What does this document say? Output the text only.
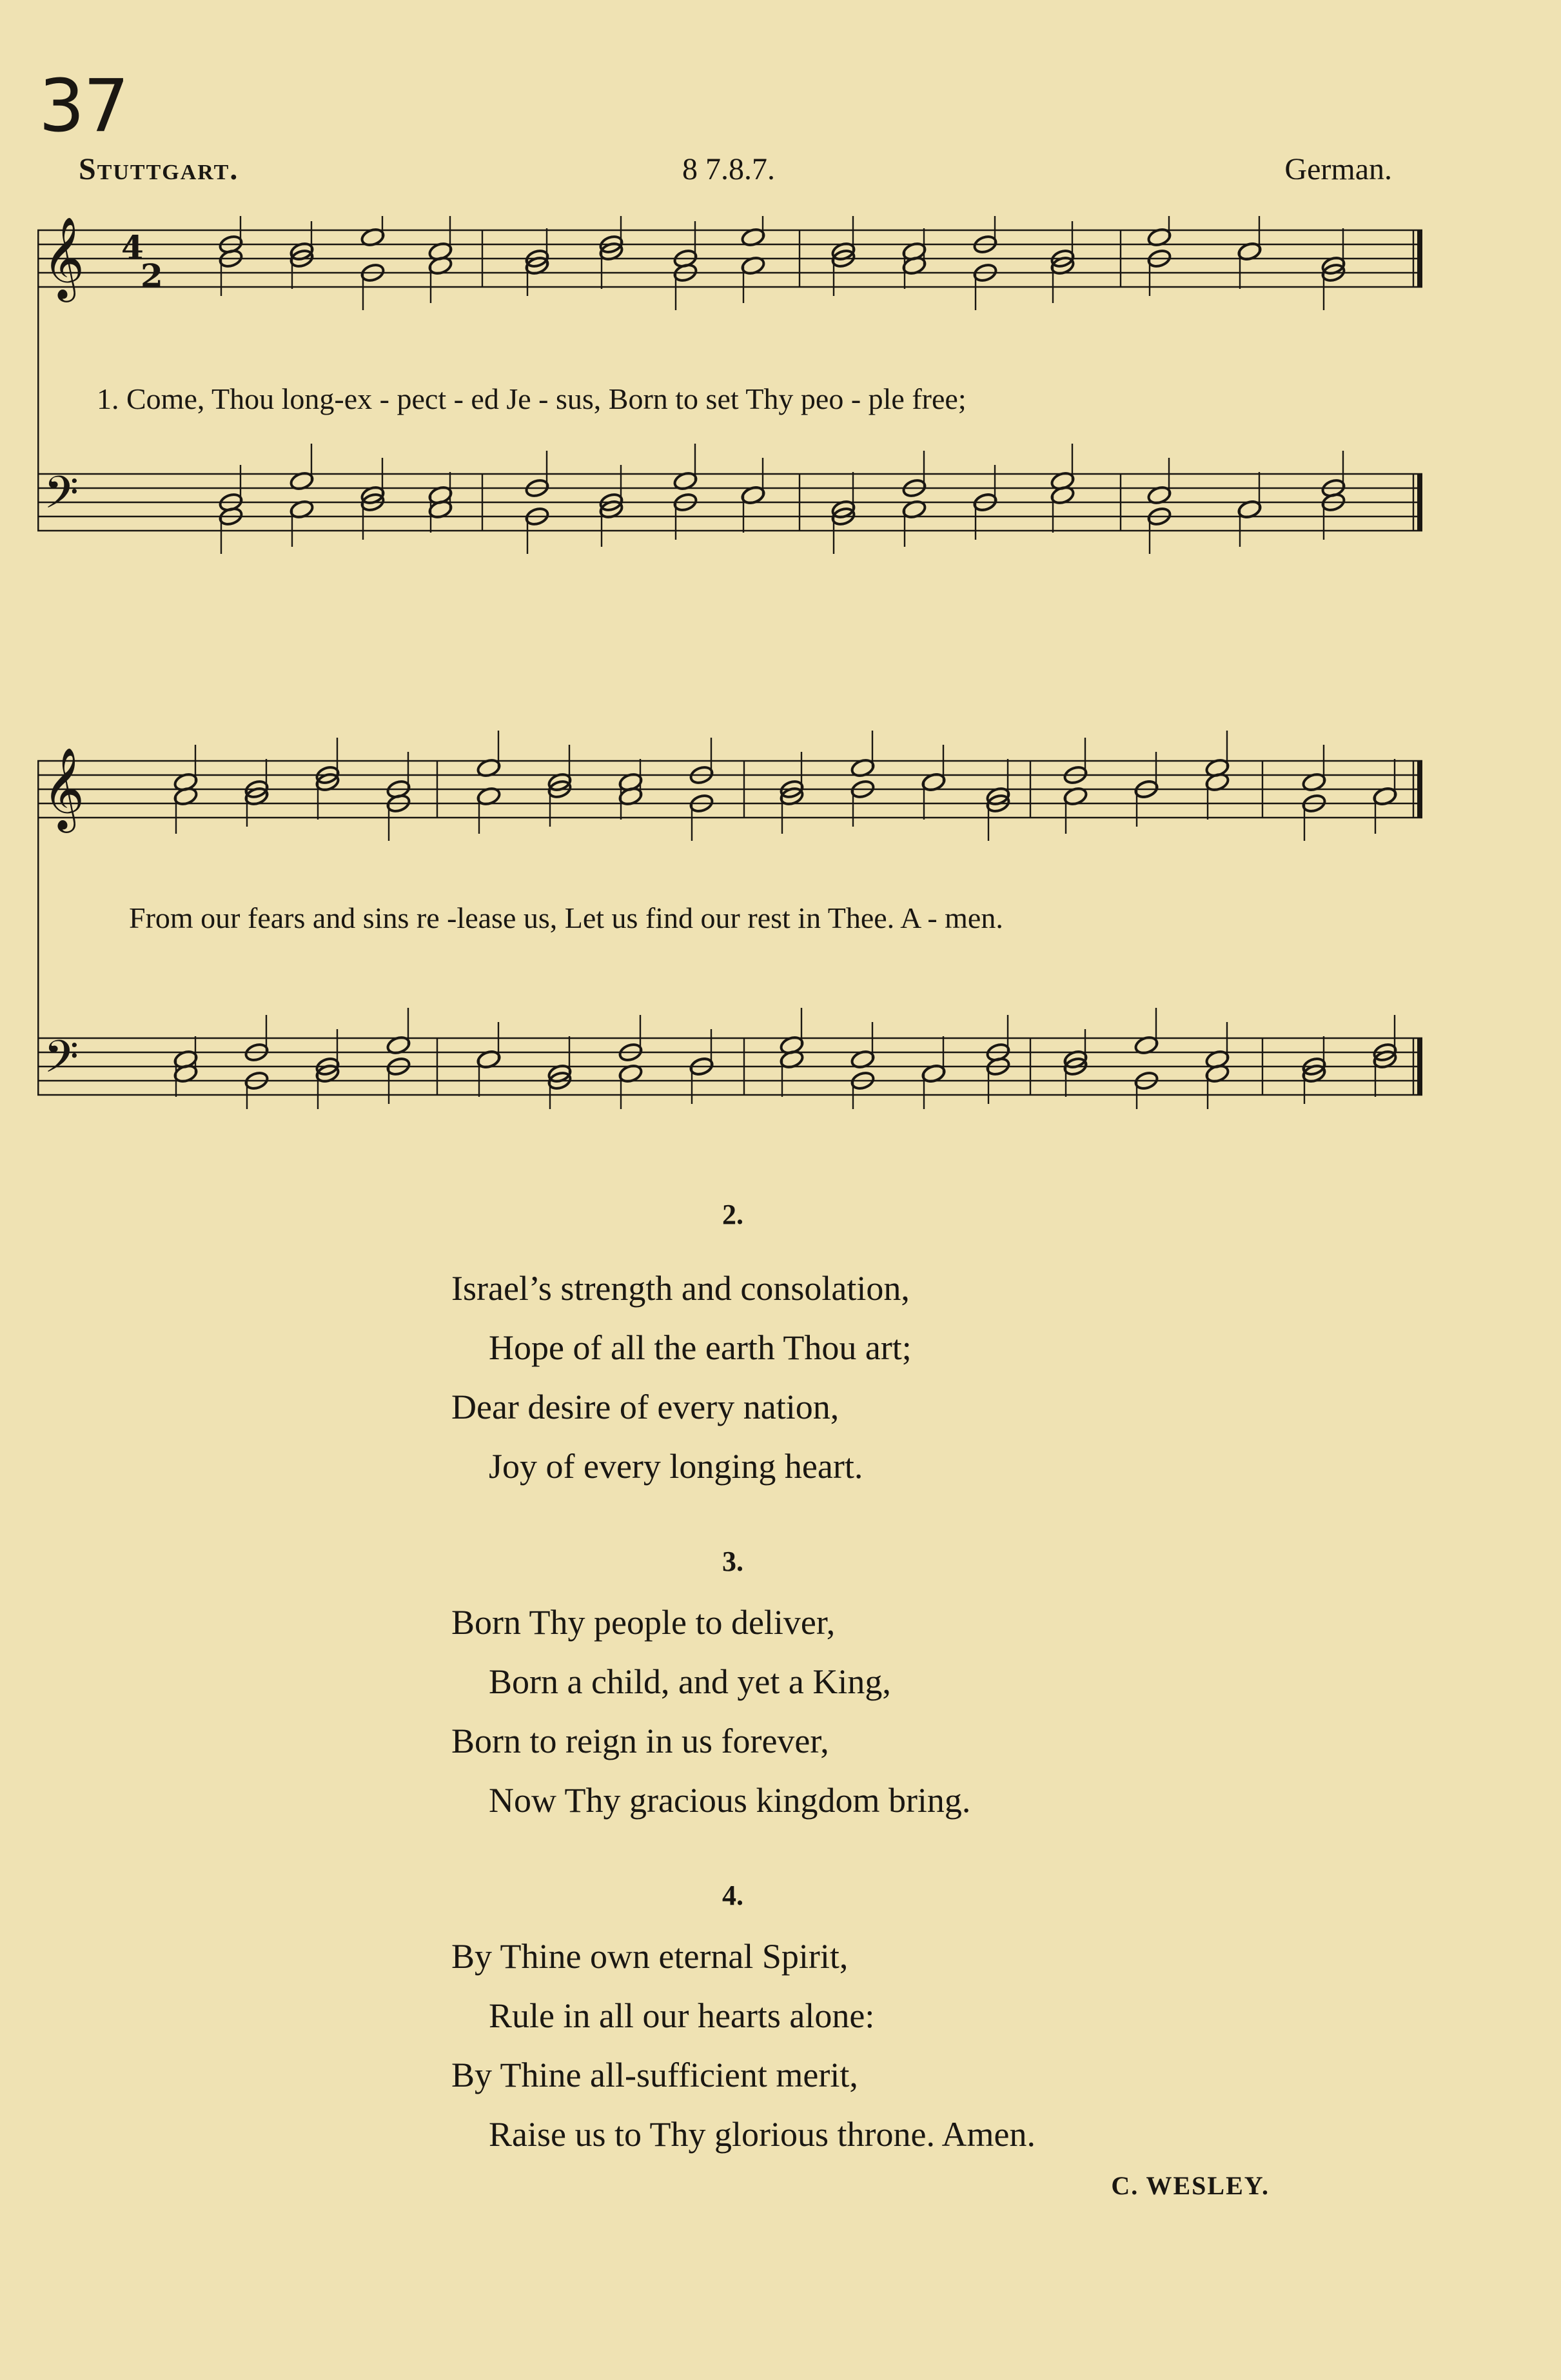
37
Stuttgart.	8 7.8.7.	German.
𝄞
𝄢
4
2
1. Come, Thou long-ex - pect - ed Je - sus, Born to set Thy peo - ple free;
𝄞
𝄢
From our fears and sins re -lease us, Let us find our rest in Thee. A - men.
2.
Israel’s strength and consolation,
Hope of all the earth Thou art;
Dear desire of every nation,
Joy of every longing heart.
3.
Born Thy people to deliver,
Born a child, and yet a King,
Born to reign in us forever,
Now Thy gracious kingdom bring.
4.
By Thine own eternal Spirit,
Rule in all our hearts alone:
By Thine all-sufficient merit,
Raise us to Thy glorious throne. Amen.
C. WESLEY.
